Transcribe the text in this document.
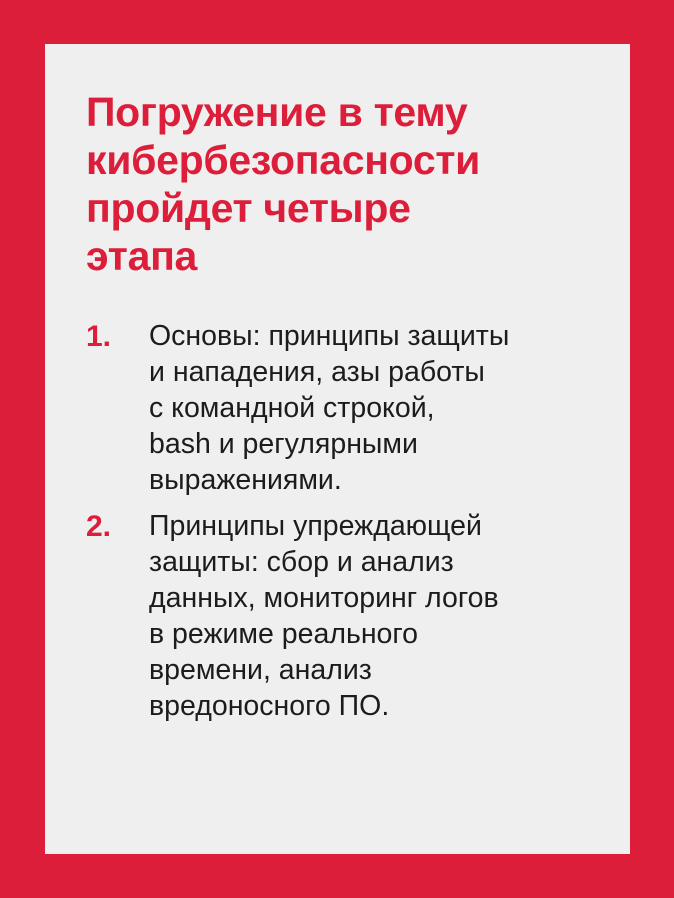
Погружение в тему
кибербезопасности
пройдет четыре
этапа
1. Основы: принципы защиты
и нападения, азы работы
с командной строкой,
bash и регулярными
выражениями.
2. Принципы упреждающей
защиты: сбор и анализ
данных, мониторинг логов
в режиме реального
времени, анализ
вредоносного ПО.
